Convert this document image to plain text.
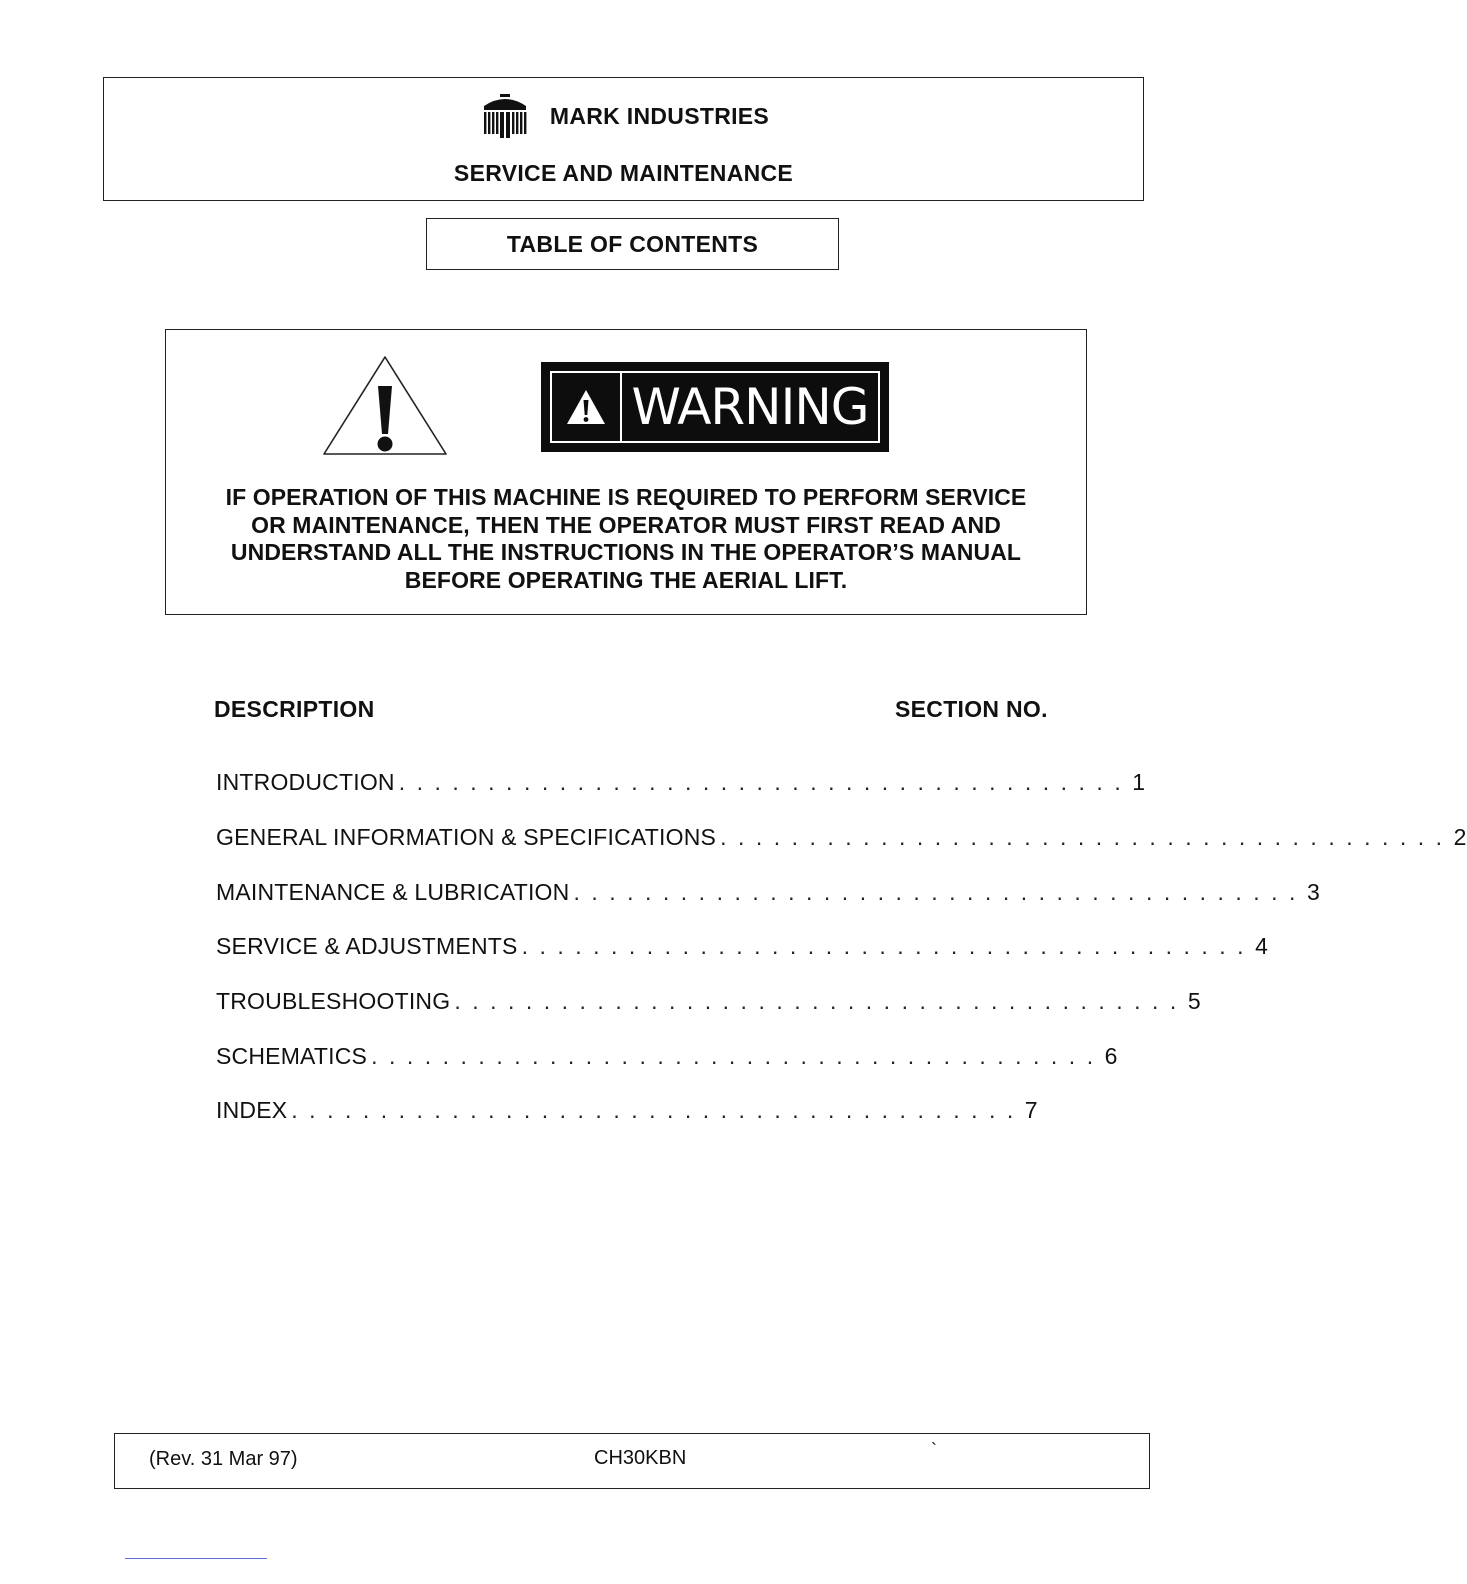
MARK INDUSTRIES
SERVICE AND MAINTENANCE
TABLE OF CONTENTS
WARNING
IF OPERATION OF THIS MACHINE IS REQUIRED TO PERFORM SERVICE
OR MAINTENANCE, THEN THE OPERATOR MUST FIRST READ AND
UNDERSTAND ALL THE INSTRUCTIONS IN THE OPERATOR’S MANUAL
BEFORE OPERATING THE AERIAL LIFT.
DESCRIPTION	SECTION NO.
INTRODUCTION ......................................... 1
GENERAL INFORMATION & SPECIFICATIONS ......................................... 2
MAINTENANCE & LUBRICATION ......................................... 3
SERVICE & ADJUSTMENTS ......................................... 4
TROUBLESHOOTING ......................................... 5
SCHEMATICS ......................................... 6
INDEX ......................................... 7
(Rev. 31 Mar 97)	CH30KBN	`
